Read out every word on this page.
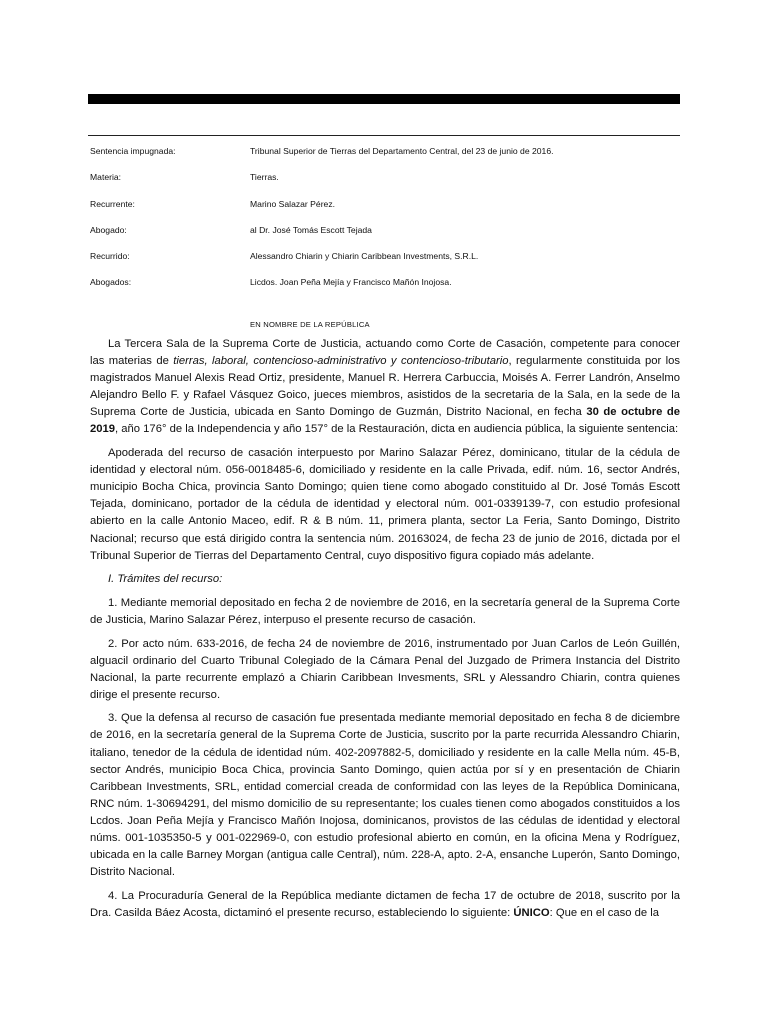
Sentencia impugnada:	Tribunal Superior de Tierras del Departamento Central, del 23 de junio de 2016.
Materia:	Tierras.
Recurrente:	Marino Salazar Pérez.
Abogado:	al Dr. José Tomás Escott Tejada
Recurrido:	Alessandro Chiarin y Chiarin Caribbean Investments, S.R.L.
Abogados:	Licdos. Joan Peña Mejía y Francisco Mañón Inojosa.
EN NOMBRE DE LA REPÚBLICA

La Tercera Sala de la Suprema Corte de Justicia, actuando como Corte de Casación, competente para conocer las materias de tierras, laboral, contencioso-administrativo y contencioso-tributario, regularmente constituida por los magistrados Manuel Alexis Read Ortiz, presidente, Manuel R. Herrera Carbuccia, Moisés A. Ferrer Landrón, Anselmo Alejandro Bello F. y Rafael Vásquez Goico, jueces miembros, asistidos de la secretaria de la Sala, en la sede de la Suprema Corte de Justicia, ubicada en Santo Domingo de Guzmán, Distrito Nacional, en fecha 30 de octubre de 2019, año 176° de la Independencia y año 157° de la Restauración, dicta en audiencia pública, la siguiente sentencia:

Apoderada del recurso de casación interpuesto por Marino Salazar Pérez, dominicano, titular de la cédula de identidad y electoral núm. 056-0018485-6, domiciliado y residente en la calle Privada, edif. núm. 16, sector Andrés, municipio Bocha Chica, provincia Santo Domingo; quien tiene como abogado constituido al Dr. José Tomás Escott Tejada, dominicano, portador de la cédula de identidad y electoral núm. 001-0339139-7, con estudio profesional abierto en la calle Antonio Maceo, edif. R & B núm. 11, primera planta, sector La Feria, Santo Domingo, Distrito Nacional; recurso que está dirigido contra la sentencia núm. 20163024, de fecha 23 de junio de 2016, dictada por el Tribunal Superior de Tierras del Departamento Central, cuyo dispositivo figura copiado más adelante.

I. Trámites del recurso:

1. Mediante memorial depositado en fecha 2 de noviembre de 2016, en la secretaría general de la Suprema Corte de Justicia, Marino Salazar Pérez, interpuso el presente recurso de casación.

2. Por acto núm. 633-2016, de fecha 24 de noviembre de 2016, instrumentado por Juan Carlos de León Guillén, alguacil ordinario del Cuarto Tribunal Colegiado de la Cámara Penal del Juzgado de Primera Instancia del Distrito Nacional, la parte recurrente emplazó a Chiarin Caribbean Invesments, SRL y Alessandro Chiarin, contra quienes dirige el presente recurso.

3. Que la defensa al recurso de casación fue presentada mediante memorial depositado en fecha 8 de diciembre de 2016, en la secretaría general de la Suprema Corte de Justicia, suscrito por la parte recurrida Alessandro Chiarin, italiano, tenedor de la cédula de identidad núm. 402-2097882-5, domiciliado y residente en la calle Mella núm. 45-B, sector Andrés, municipio Boca Chica, provincia Santo Domingo, quien actúa por sí y en presentación de Chiarin Caribbean Investments, SRL, entidad comercial creada de conformidad con las leyes de la República Dominicana, RNC núm. 1-30694291, del mismo domicilio de su representante; los cuales tienen como abogados constituidos a los Lcdos. Joan Peña Mejía y Francisco Mañón Inojosa, dominicanos, provistos de las cédulas de identidad y electoral núms. 001-1035350-5 y 001-022969-0, con estudio profesional abierto en común, en la oficina Mena y Rodríguez, ubicada en la calle Barney Morgan (antigua calle Central), núm. 228-A, apto. 2-A, ensanche Luperón, Santo Domingo, Distrito Nacional.

4. La Procuraduría General de la República mediante dictamen de fecha 17 de octubre de 2018, suscrito por la Dra. Casilda Báez Acosta, dictaminó el presente recurso, estableciendo lo siguiente: ÚNICO: Que en el caso de la
